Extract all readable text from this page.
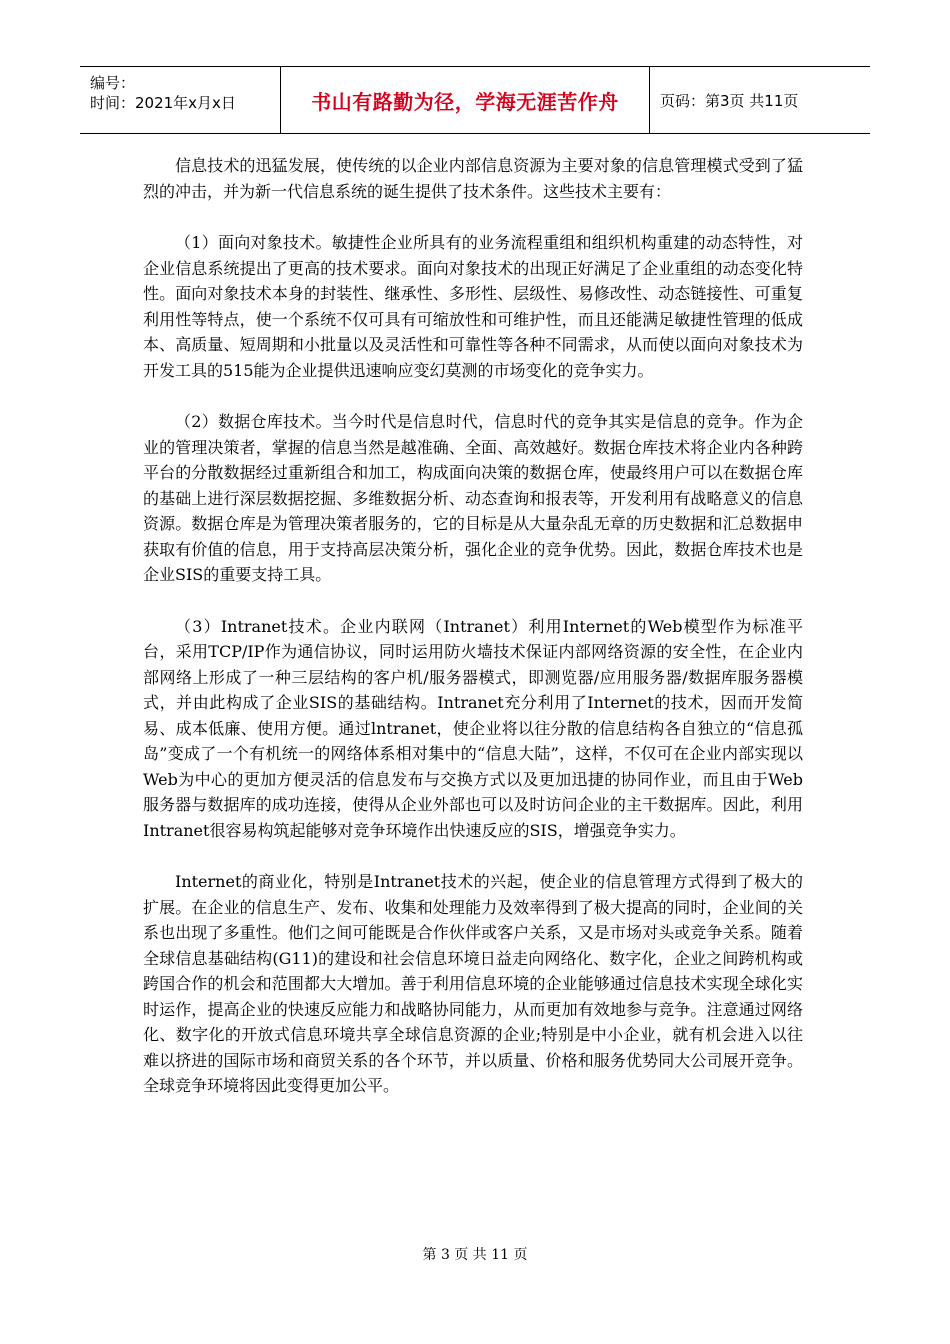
编号：
时间：2021年x月x日	书山有路勤为径，学海无涯苦作舟	页码：第3页 共11页

信息技术的迅猛发展，使传统的以企业内部信息资源为主要对象的信息管理模式受到了猛烈的冲击，并为新一代信息系统的诞生提供了技术条件。这些技术主要有：

（1）面向对象技术。敏捷性企业所具有的业务流程重组和组织机构重建的动态特性，对企业信息系统提出了更高的技术要求。面向对象技术的出现正好满足了企业重组的动态变化特性。面向对象技术本身的封装性、继承性、多形性、层级性、易修改性、动态链接性、可重复利用性等特点，使一个系统不仅可具有可缩放性和可维护性，而且还能满足敏捷性管理的低成本、高质量、短周期和小批量以及灵活性和可靠性等各种不同需求，从而使以面向对象技术为开发工具的515能为企业提供迅速响应变幻莫测的市场变化的竞争实力。

（2）数据仓库技术。当今时代是信息时代，信息时代的竞争其实是信息的竞争。作为企业的管理决策者，掌握的信息当然是越准确、全面、高效越好。数据仓库技术将企业内各种跨平台的分散数据经过重新组合和加工，构成面向决策的数据仓库，使最终用户可以在数据仓库的基础上进行深层数据挖掘、多维数据分析、动态查询和报表等，开发利用有战略意义的信息资源。数据仓库是为管理决策者服务的，它的目标是从大量杂乱无章的历史数据和汇总数据申获取有价值的信息，用于支持高层决策分析，强化企业的竞争优势。因此，数据仓库技术也是企业SIS的重要支持工具。

（3）Intranet技术。企业内联网（Intranet）利用Internet的Web模型作为标准平台，采用TCP/IP作为通信协议，同时运用防火墙技术保证内部网络资源的安全性，在企业内部网络上形成了一种三层结构的客户机/服务器模式，即测览器/应用服务器/数据库服务器模式，并由此构成了企业SIS的基础结构。Intranet充分利用了Internet的技术，因而开发简易、成本低廉、使用方便。通过lntranet，使企业将以往分散的信息结构各自独立的“信息孤岛”变成了一个有机统一的网络体系相对集中的“信息大陆”，这样，不仅可在企业内部实现以Web为中心的更加方便灵活的信息发布与交换方式以及更加迅捷的协同作业，而且由于Web服务器与数据库的成功连接，使得从企业外部也可以及时访问企业的主干数据库。因此，利用Intranet很容易构筑起能够对竞争环境作出快速反应的SIS，增强竞争实力。

Internet的商业化，特别是Intranet技术的兴起，使企业的信息管理方式得到了极大的扩展。在企业的信息生产、发布、收集和处理能力及效率得到了极大提高的同时，企业间的关系也出现了多重性。他们之间可能既是合作伙伴或客户关系，又是市场对头或竞争关系。随着全球信息基础结构(G11)的建设和社会信息环境日益走向网络化、数字化，企业之间跨机构或跨国合作的机会和范围都大大增加。善于利用信息环境的企业能够通过信息技术实现全球化实时运作，提高企业的快速反应能力和战略协同能力，从而更加有效地参与竞争。注意通过网络化、数字化的开放式信息环境共享全球信息资源的企业;特别是中小企业，就有机会进入以往难以挤进的国际市场和商贸关系的各个环节，并以质量、价格和服务优势同大公司展开竞争。全球竞争环境将因此变得更加公平。

第 3 页 共 11 页
